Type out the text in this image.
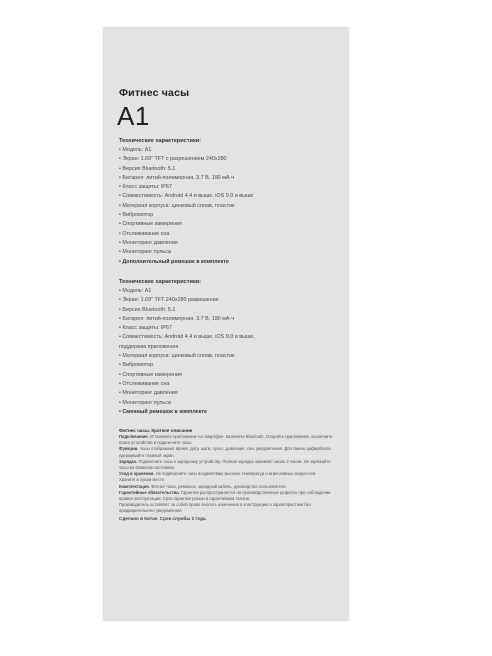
Фитнес часы
A1
Технические характеристики:
• Модель: A1
• Экран: 1.69" TFT с разрешением 240х280
• Версия Bluetooth: 5.1
• Батарея: литий-полимерная, 3.7 В, 190 мА·ч
• Класс защиты: IP67
• Совместимость: Android 4.4 и выше, iOS 9.0 и выше
• Материал корпуса: цинковый сплав, пластик
• Вибромотор
• Спортивные измерения
• Отслеживание сна
• Мониторинг давления
• Мониторинг пульса
• Дополнительный ремешок в комплекте
Технические характеристики:
• Модель: A1
• Экран: 1.69" TFT 240х280 разрешение
• Версия Bluetooth: 5.1
• Батарея: литий-полимерная, 3.7 В, 190 мА·ч
• Класс защиты: IP67
• Совместимость: Android 4.4 и выше, iOS 9.0 и выше,
поддержка приложения
• Материал корпуса: цинковый сплав, пластик
• Вибромотор
• Спортивные измерения
• Отслеживание сна
• Мониторинг давления
• Мониторинг пульса
• Сменный ремешок в комплекте
Фитнес часы. Краткое описание
Подключение. Установите приложение на смартфон. Включите Bluetooth. Откройте приложение, выполните поиск устройства и подключите часы.
Функции. Часы отображают время, дату, шаги, пульс, давление, сон, уведомления. Для смены циферблата удерживайте главный экран.
Зарядка. Подключите часы к зарядному устройству. Полная зарядка занимает около 2 часов. Не заряжайте часы во влажном состоянии.
Уход и хранение. Не подвергайте часы воздействию высоких температур и агрессивных жидкостей. Храните в сухом месте.
Комплектация. Фитнес часы, ремешок, зарядный кабель, руководство пользователя.
Гарантийные обязательства. Гарантия распространяется на производственные дефекты при соблюдении правил эксплуатации. Срок гарантии указан в гарантийном талоне.
Производитель оставляет за собой право вносить изменения в конструкцию и характеристики без предварительного уведомления.
Сделано в Китае. Срок службы 2 года.
